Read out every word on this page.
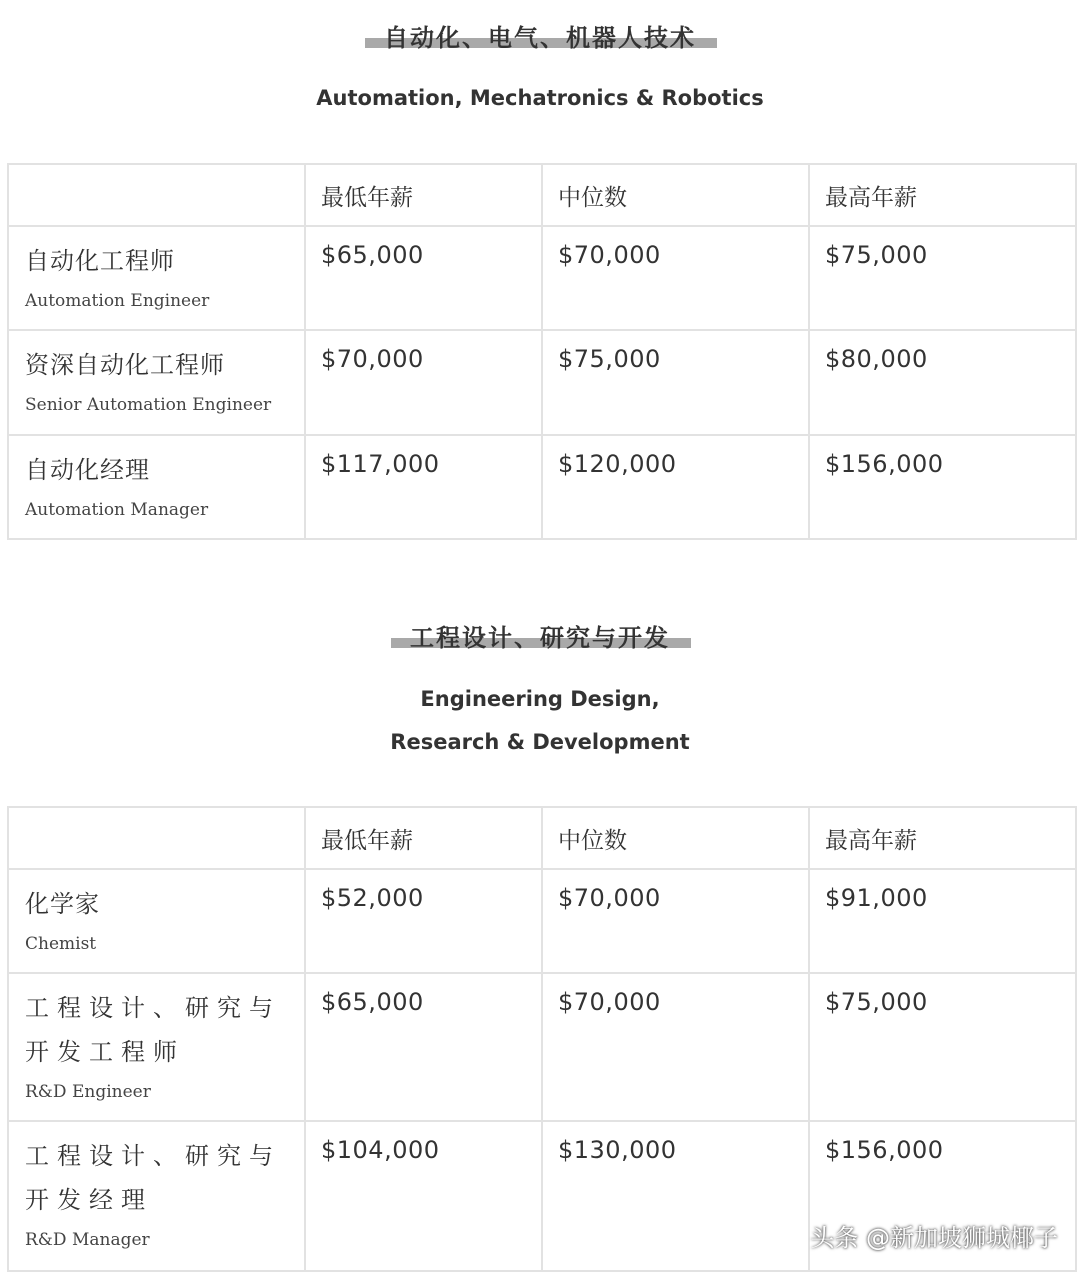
自动化、电气、机器人技术
Automation, Mechatronics & Robotics
	最低年薪	中位数	最高年薪

自动化工程师
Automation Engineer	$65,000	$70,000	$75,000

资深自动化工程师
Senior Automation Engineer	$70,000	$75,000	$80,000

自动化经理
Automation Manager	$117,000	$120,000	$156,000
工程设计、研究与开发
Engineering Design,
Research & Development
	最低年薪	中位数	最高年薪

化学家
Chemist	$52,000	$70,000	$91,000

工程设计、研究与开发工程师
R&D Engineer	$65,000	$70,000	$75,000

工程设计、研究与开发经理
R&D Manager	$104,000	$130,000	$156,000
头条 @新加坡狮城椰子
